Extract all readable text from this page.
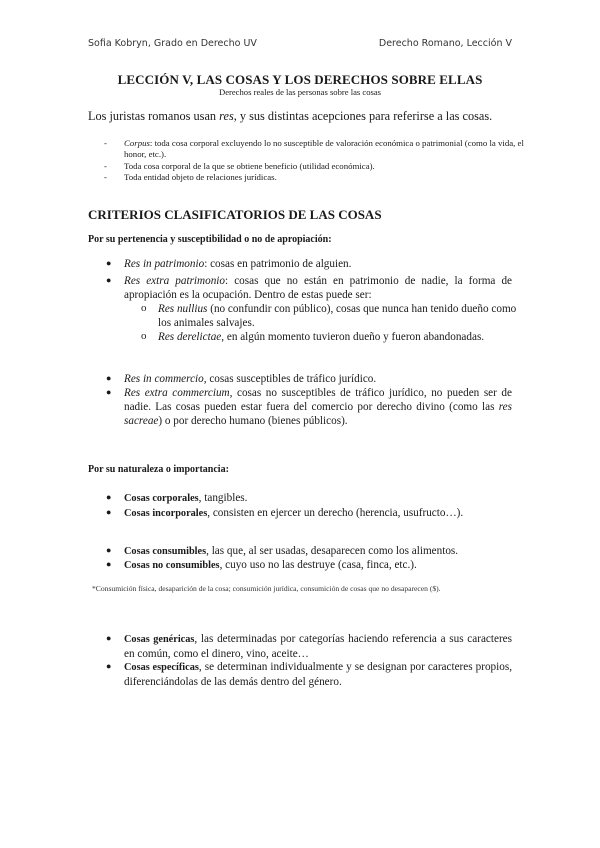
Sofia Kobryn, Grado en Derecho UV	Derecho Romano, Lección V
LECCIÓN V, LAS COSAS Y LOS DERECHOS SOBRE ELLAS
Derechos reales de las personas sobre las cosas
Los juristas romanos usan res, y sus distintas acepciones para referirse a las cosas.
- Corpus: toda cosa corporal excluyendo lo no susceptible de valoración económica o patrimonial (como la vida, el honor, etc.).
- Toda cosa corporal de la que se obtiene beneficio (utilidad económica).
- Toda entidad objeto de relaciones jurídicas.
CRITERIOS CLASIFICATORIOS DE LAS COSAS
Por su pertenencia y susceptibilidad o no de apropiación:
● Res in patrimonio: cosas en patrimonio de alguien.
● Res extra patrimonio: cosas que no están en patrimonio de nadie, la forma de apropiación es la ocupación. Dentro de estas puede ser:
o Res nullius (no confundir con público), cosas que nunca han tenido dueño como los animales salvajes.
o Res derelictae, en algún momento tuvieron dueño y fueron abandonadas.
● Res in commercio, cosas susceptibles de tráfico jurídico.
● Res extra commercium, cosas no susceptibles de tráfico jurídico, no pueden ser de nadie. Las cosas pueden estar fuera del comercio por derecho divino (como las res sacreae) o por derecho humano (bienes públicos).
Por su naturaleza o importancia:
● Cosas corporales, tangibles.
● Cosas incorporales, consisten en ejercer un derecho (herencia, usufructo…).
● Cosas consumibles, las que, al ser usadas, desaparecen como los alimentos.
● Cosas no consumibles, cuyo uso no las destruye (casa, finca, etc.).
*Consumición física, desaparición de la cosa; consumición jurídica, consumición de cosas que no desaparecen ($).
● Cosas genéricas, las determinadas por categorías haciendo referencia a sus caracteres en común, como el dinero, vino, aceite…
● Cosas específicas, se determinan individualmente y se designan por caracteres propios, diferenciándolas de las demás dentro del género.
